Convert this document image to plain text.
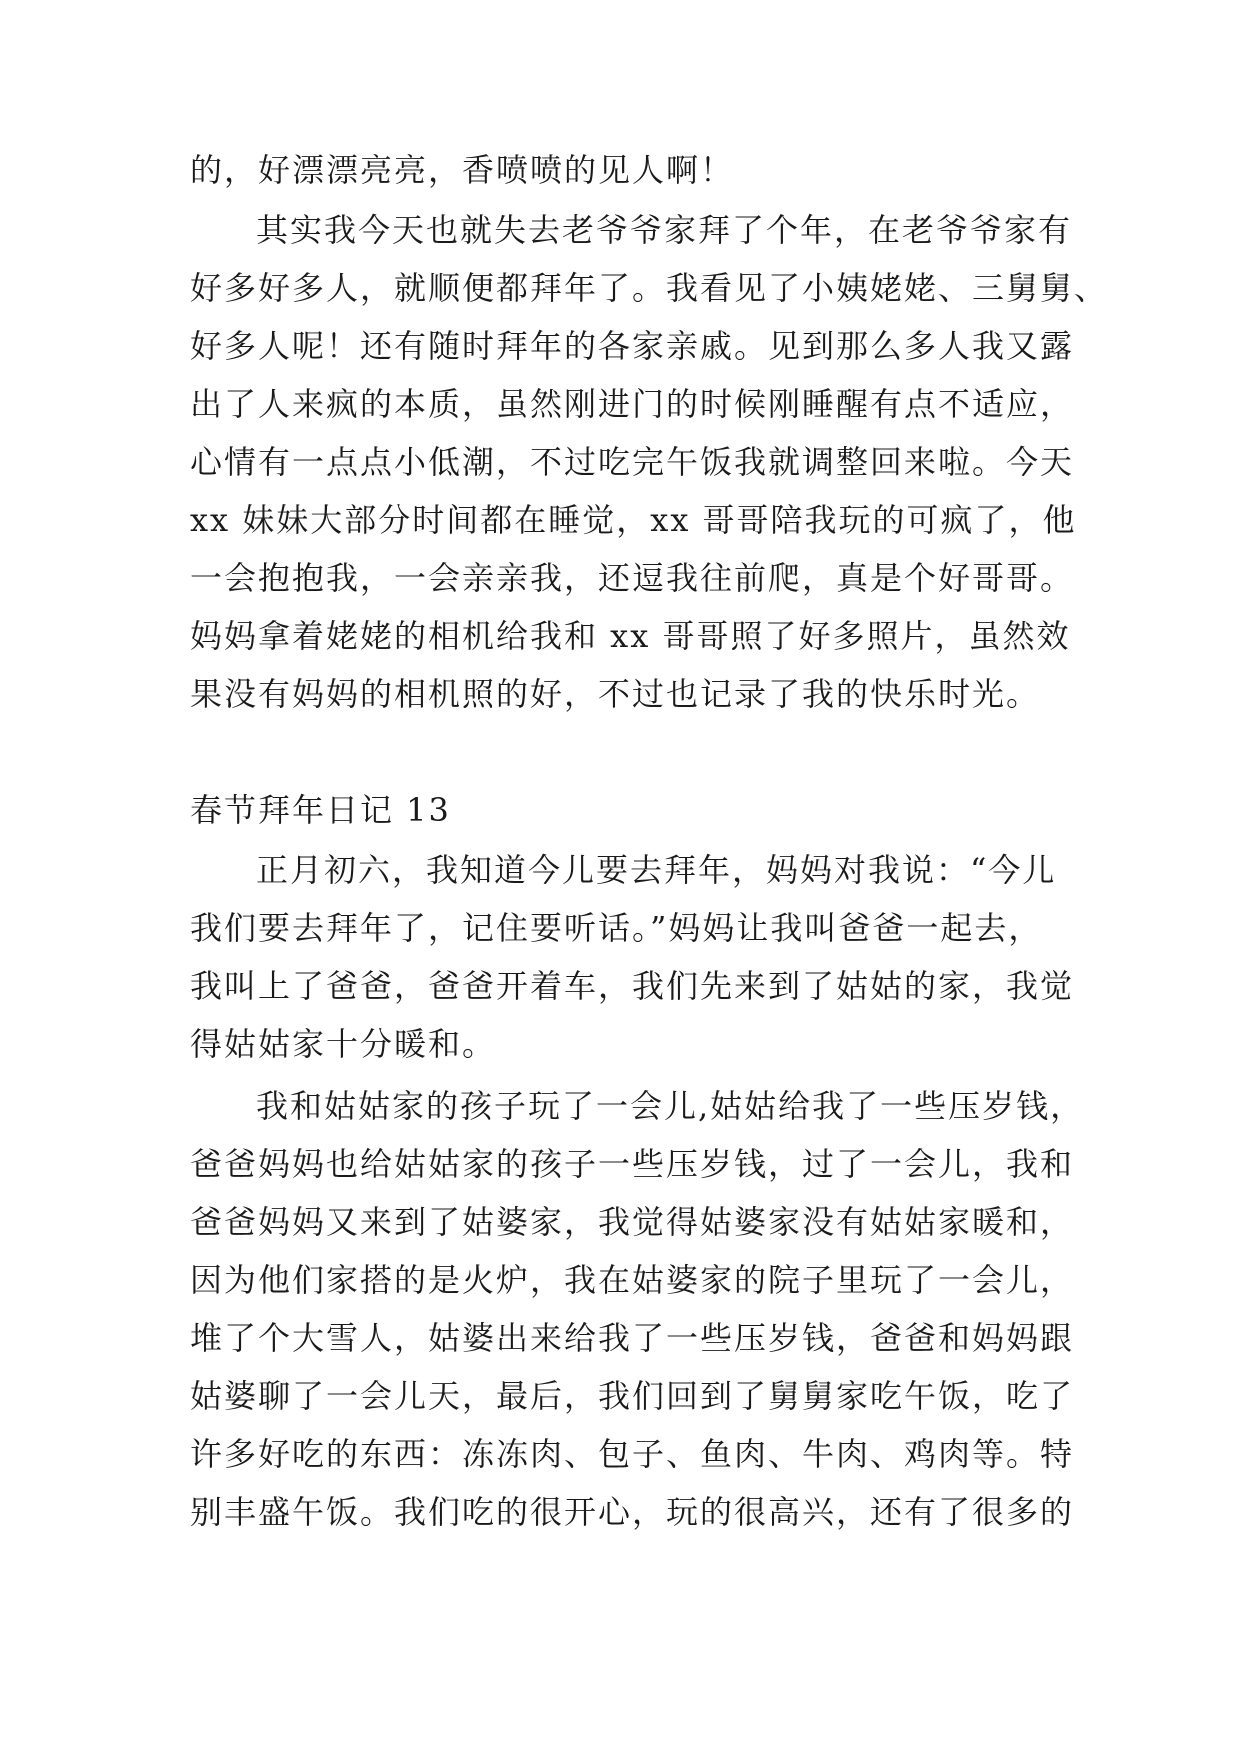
的，好漂漂亮亮，香喷喷的见人啊！
其实我今天也就失去老爷爷家拜了个年，在老爷爷家有
好多好多人，就顺便都拜年了。我看见了小姨姥姥、三舅舅、
好多人呢！还有随时拜年的各家亲戚。见到那么多人我又露
出了人来疯的本质，虽然刚进门的时候刚睡醒有点不适应，
心情有一点点小低潮，不过吃完午饭我就调整回来啦。今天
xx 妹妹大部分时间都在睡觉，xx 哥哥陪我玩的可疯了，他
一会抱抱我，一会亲亲我，还逗我往前爬，真是个好哥哥。
妈妈拿着姥姥的相机给我和 xx 哥哥照了好多照片，虽然效
果没有妈妈的相机照的好，不过也记录了我的快乐时光。
春节拜年日记 13
正月初六，我知道今儿要去拜年，妈妈对我说：“今儿
我们要去拜年了，记住要听话。”妈妈让我叫爸爸一起去，
我叫上了爸爸，爸爸开着车，我们先来到了姑姑的家，我觉
得姑姑家十分暖和。
我和姑姑家的孩子玩了一会儿,姑姑给我了一些压岁钱，
爸爸妈妈也给姑姑家的孩子一些压岁钱，过了一会儿，我和
爸爸妈妈又来到了姑婆家，我觉得姑婆家没有姑姑家暖和，
因为他们家搭的是火炉，我在姑婆家的院子里玩了一会儿，
堆了个大雪人，姑婆出来给我了一些压岁钱，爸爸和妈妈跟
姑婆聊了一会儿天，最后，我们回到了舅舅家吃午饭，吃了
许多好吃的东西：冻冻肉、包子、鱼肉、牛肉、鸡肉等。特
别丰盛午饭。我们吃的很开心，玩的很高兴，还有了很多的
